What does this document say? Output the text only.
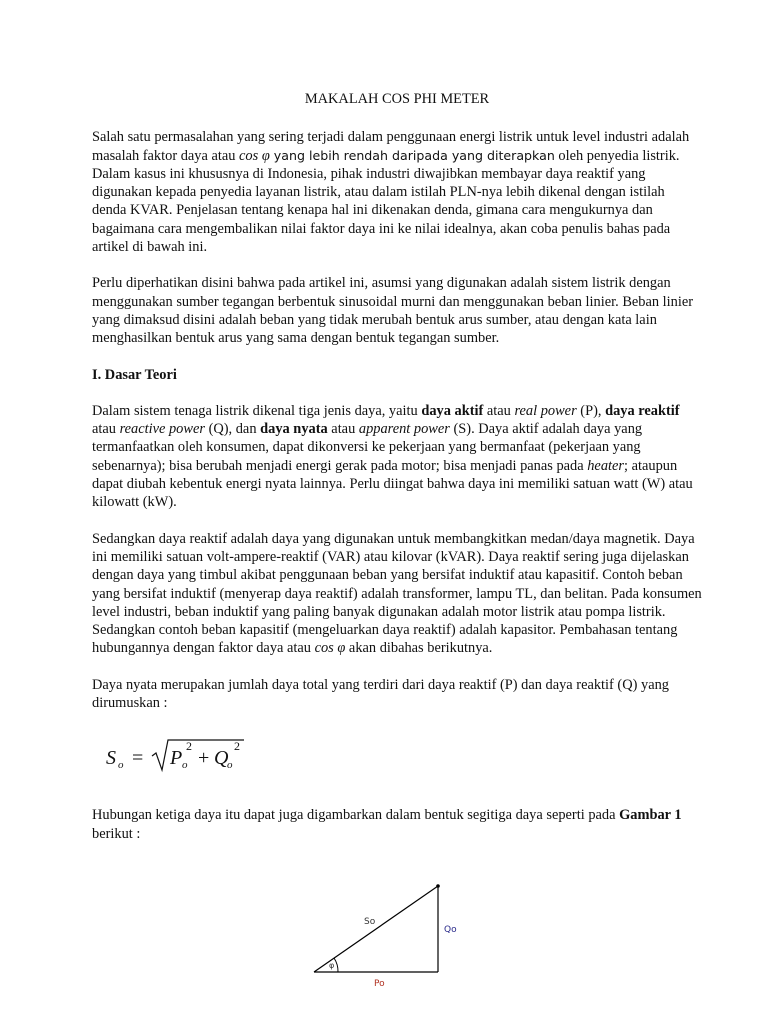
MAKALAH COS PHI METER

Salah satu permasalahan yang sering terjadi dalam penggunaan energi listrik untuk level industri adalah masalah faktor daya atau cos φ yang lebih rendah daripada yang diterapkan oleh penyedia listrik. Dalam kasus ini khususnya di Indonesia, pihak industri diwajibkan membayar daya reaktif yang digunakan kepada penyedia layanan listrik, atau dalam istilah PLN-nya lebih dikenal dengan istilah denda KVAR. Penjelasan tentang kenapa hal ini dikenakan denda, gimana cara mengukurnya dan bagaimana cara mengembalikan nilai faktor daya ini ke nilai idealnya, akan coba penulis bahas pada artikel di bawah ini.

Perlu diperhatikan disini bahwa pada artikel ini, asumsi yang digunakan adalah sistem listrik dengan menggunakan sumber tegangan berbentuk sinusoidal murni dan menggunakan beban linier. Beban linier yang dimaksud disini adalah beban yang tidak merubah bentuk arus sumber, atau dengan kata lain menghasilkan bentuk arus yang sama dengan bentuk tegangan sumber.

I. Dasar Teori

Dalam sistem tenaga listrik dikenal tiga jenis daya, yaitu daya aktif atau real power (P), daya reaktif atau reactive power (Q), dan daya nyata atau apparent power (S). Daya aktif adalah daya yang termanfaatkan oleh konsumen, dapat dikonversi ke pekerjaan yang bermanfaat (pekerjaan yang sebenarnya); bisa berubah menjadi energi gerak pada motor; bisa menjadi panas pada heater; ataupun dapat diubah kebentuk energi nyata lainnya. Perlu diingat bahwa daya ini memiliki satuan watt (W) atau kilowatt (kW).

Sedangkan daya reaktif adalah daya yang digunakan untuk membangkitkan medan/daya magnetik. Daya ini memiliki satuan volt-ampere-reaktif (VAR) atau kilovar (kVAR). Daya reaktif sering juga dijelaskan dengan daya yang timbul akibat penggunaan beban yang bersifat induktif atau kapasitif. Contoh beban yang bersifat induktif (menyerap daya reaktif) adalah transformer, lampu TL, dan belitan. Pada konsumen level industri, beban induktif yang paling banyak digunakan adalah motor listrik atau pompa listrik. Sedangkan contoh beban kapasitif (mengeluarkan daya reaktif) adalah kapasitor. Pembahasan tentang hubungannya dengan faktor daya atau cos φ akan dibahas berikutnya.

Daya nyata merupakan jumlah daya total yang terdiri dari daya reaktif (P) dan daya reaktif (Q) yang dirumuskan :

S o = P o
2
+ Q
o
2

Hubungan ketiga daya itu dapat juga digambarkan dalam bentuk segitiga daya seperti pada Gambar 1 berikut :

φ
So
Qo
Po
